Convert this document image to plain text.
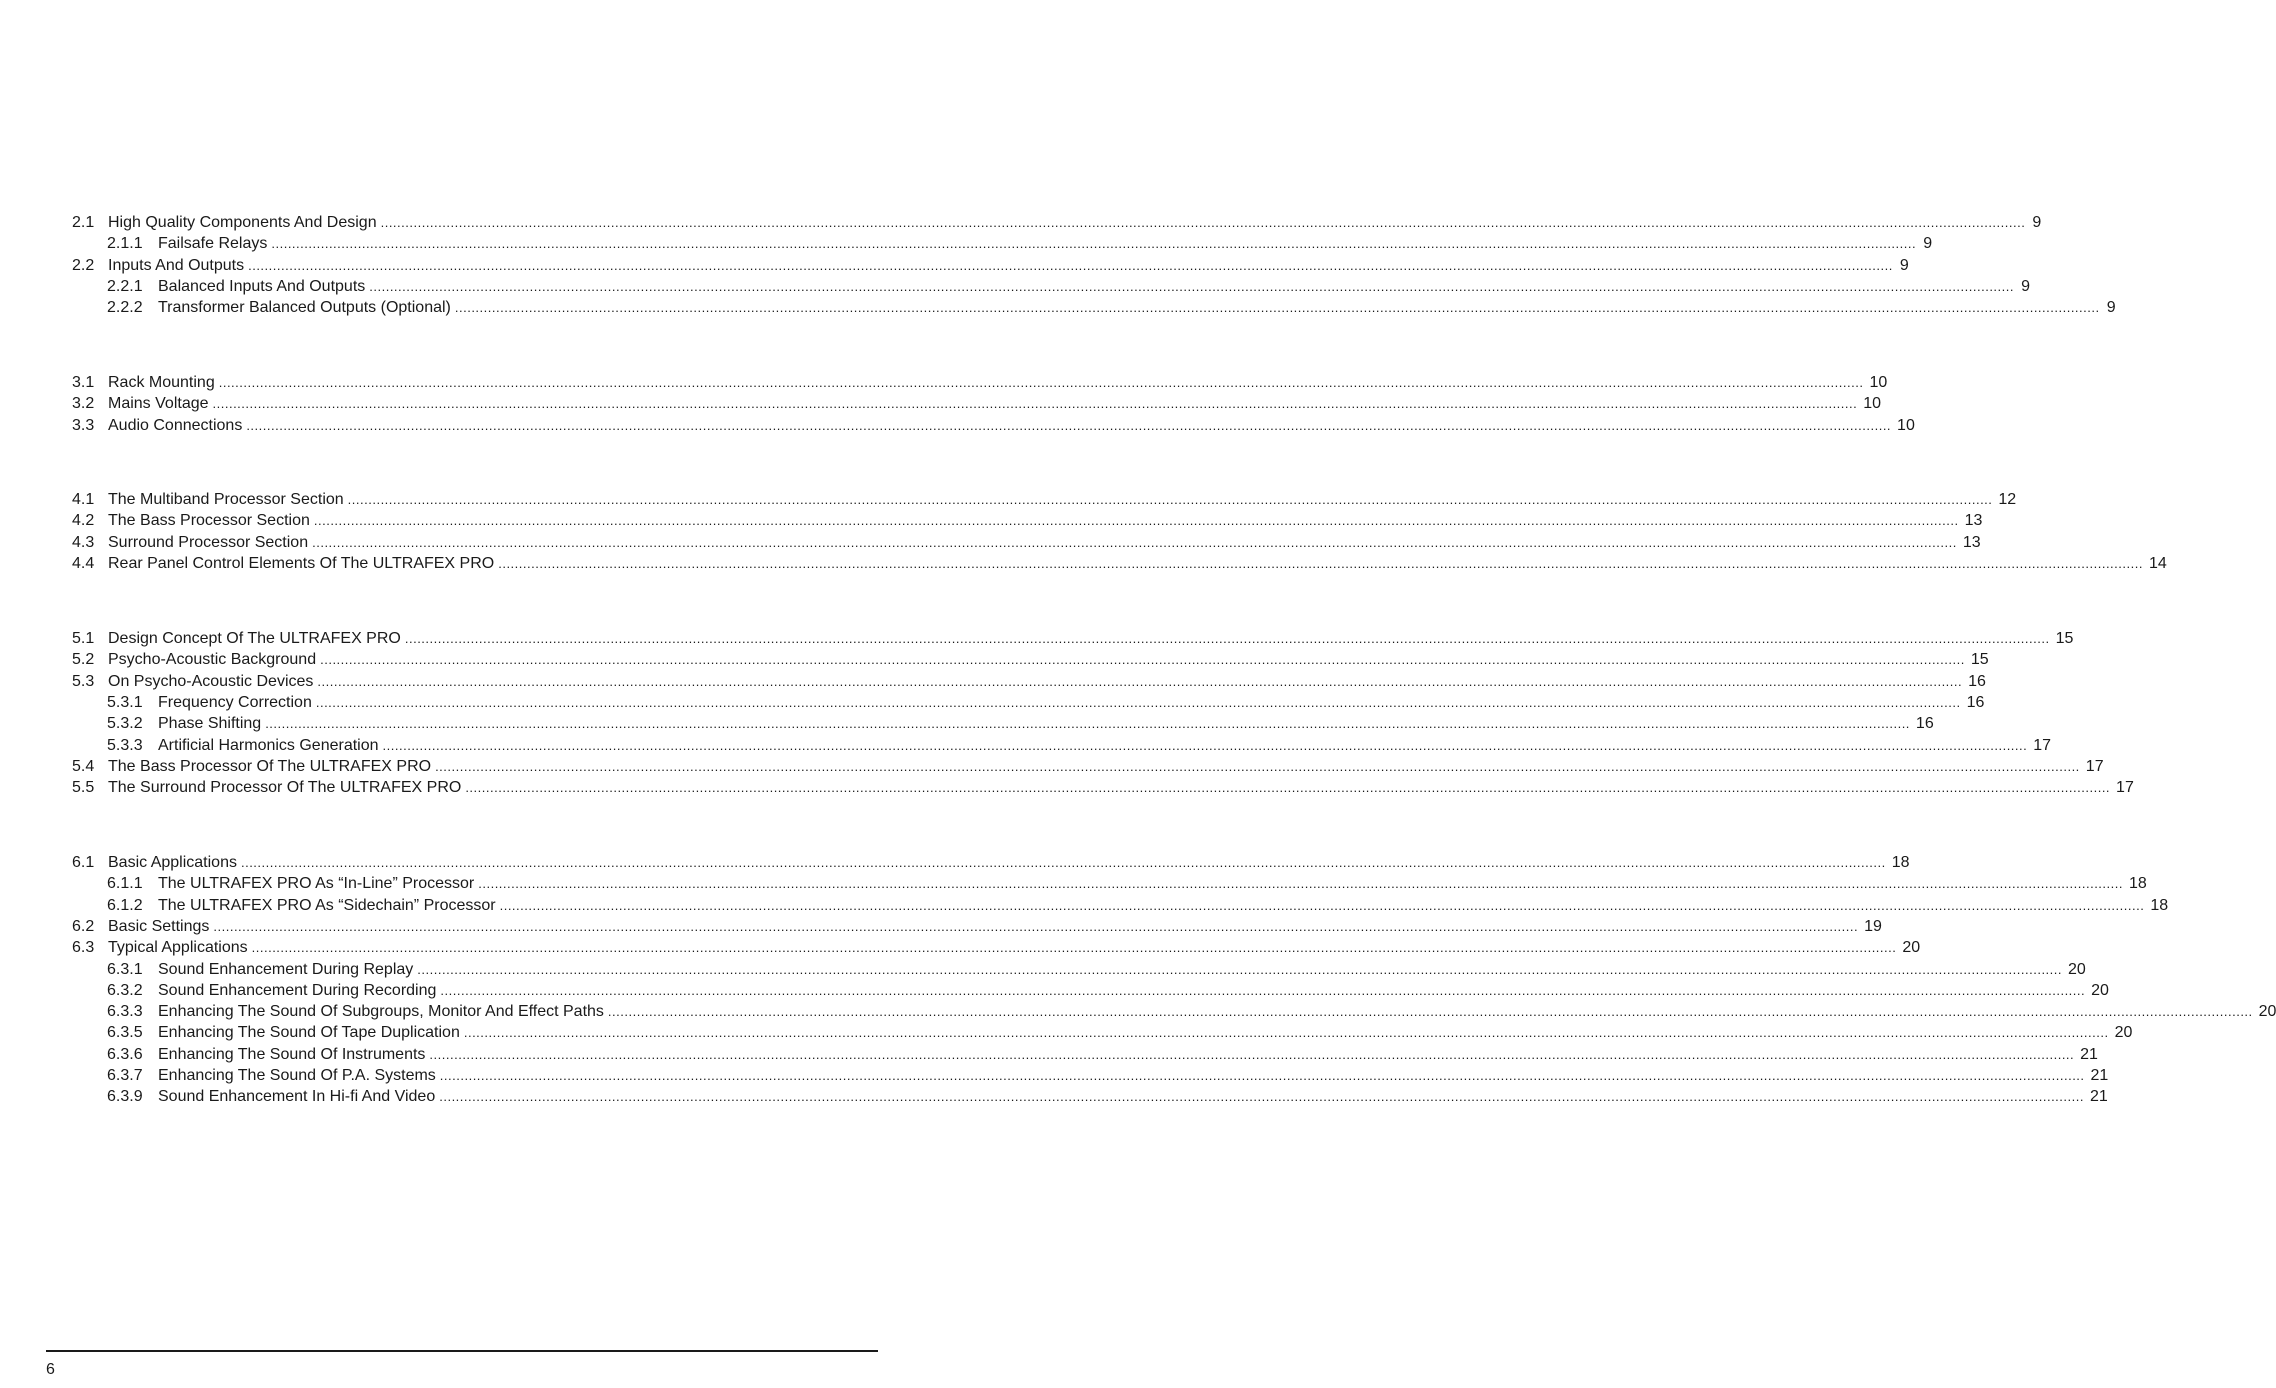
2.1 High Quality Components And Design ................................................................................................................................................................................................................................................................................................................................................................................................................ 9
2.1.1 Failsafe Relays ................................................................................................................................................................................................................................................................................................................................................................................................................ 9
2.2 Inputs And Outputs ................................................................................................................................................................................................................................................................................................................................................................................................................ 9
2.2.1 Balanced Inputs And Outputs ................................................................................................................................................................................................................................................................................................................................................................................................................ 9
2.2.2 Transformer Balanced Outputs (Optional) ................................................................................................................................................................................................................................................................................................................................................................................................................ 9
3.1 Rack Mounting ................................................................................................................................................................................................................................................................................................................................................................................................................ 10
3.2 Mains Voltage ................................................................................................................................................................................................................................................................................................................................................................................................................ 10
3.3 Audio Connections ................................................................................................................................................................................................................................................................................................................................................................................................................ 10
4.1 The Multiband Processor Section ................................................................................................................................................................................................................................................................................................................................................................................................................ 12
4.2 The Bass Processor Section ................................................................................................................................................................................................................................................................................................................................................................................................................ 13
4.3 Surround Processor Section ................................................................................................................................................................................................................................................................................................................................................................................................................ 13
4.4 Rear Panel Control Elements Of The ULTRAFEX PRO ................................................................................................................................................................................................................................................................................................................................................................................................................ 14
5.1 Design Concept Of The ULTRAFEX PRO ................................................................................................................................................................................................................................................................................................................................................................................................................ 15
5.2 Psycho-Acoustic Background ................................................................................................................................................................................................................................................................................................................................................................................................................ 15
5.3 On Psycho-Acoustic Devices ................................................................................................................................................................................................................................................................................................................................................................................................................ 16
5.3.1 Frequency Correction ................................................................................................................................................................................................................................................................................................................................................................................................................ 16
5.3.2 Phase Shifting ................................................................................................................................................................................................................................................................................................................................................................................................................ 16
5.3.3 Artificial Harmonics Generation ................................................................................................................................................................................................................................................................................................................................................................................................................ 17
5.4 The Bass Processor Of The ULTRAFEX PRO ................................................................................................................................................................................................................................................................................................................................................................................................................ 17
5.5 The Surround Processor Of The ULTRAFEX PRO ................................................................................................................................................................................................................................................................................................................................................................................................................ 17
6.1 Basic Applications ................................................................................................................................................................................................................................................................................................................................................................................................................ 18
6.1.1 The ULTRAFEX PRO As “In-Line” Processor ................................................................................................................................................................................................................................................................................................................................................................................................................ 18
6.1.2 The ULTRAFEX PRO As “Sidechain” Processor ................................................................................................................................................................................................................................................................................................................................................................................................................ 18
6.2 Basic Settings ................................................................................................................................................................................................................................................................................................................................................................................................................ 19
6.3 Typical Applications ................................................................................................................................................................................................................................................................................................................................................................................................................ 20
6.3.1 Sound Enhancement During Replay ................................................................................................................................................................................................................................................................................................................................................................................................................ 20
6.3.2 Sound Enhancement During Recording ................................................................................................................................................................................................................................................................................................................................................................................................................ 20
6.3.3 Enhancing The Sound Of Subgroups, Monitor And Effect Paths ................................................................................................................................................................................................................................................................................................................................................................................................................ 20
6.3.5 Enhancing The Sound Of Tape Duplication ................................................................................................................................................................................................................................................................................................................................................................................................................ 20
6.3.6 Enhancing The Sound Of Instruments ................................................................................................................................................................................................................................................................................................................................................................................................................ 21
6.3.7 Enhancing The Sound Of P.A. Systems ................................................................................................................................................................................................................................................................................................................................................................................................................ 21
6.3.9 Sound Enhancement In Hi-fi And Video ................................................................................................................................................................................................................................................................................................................................................................................................................ 21
6
